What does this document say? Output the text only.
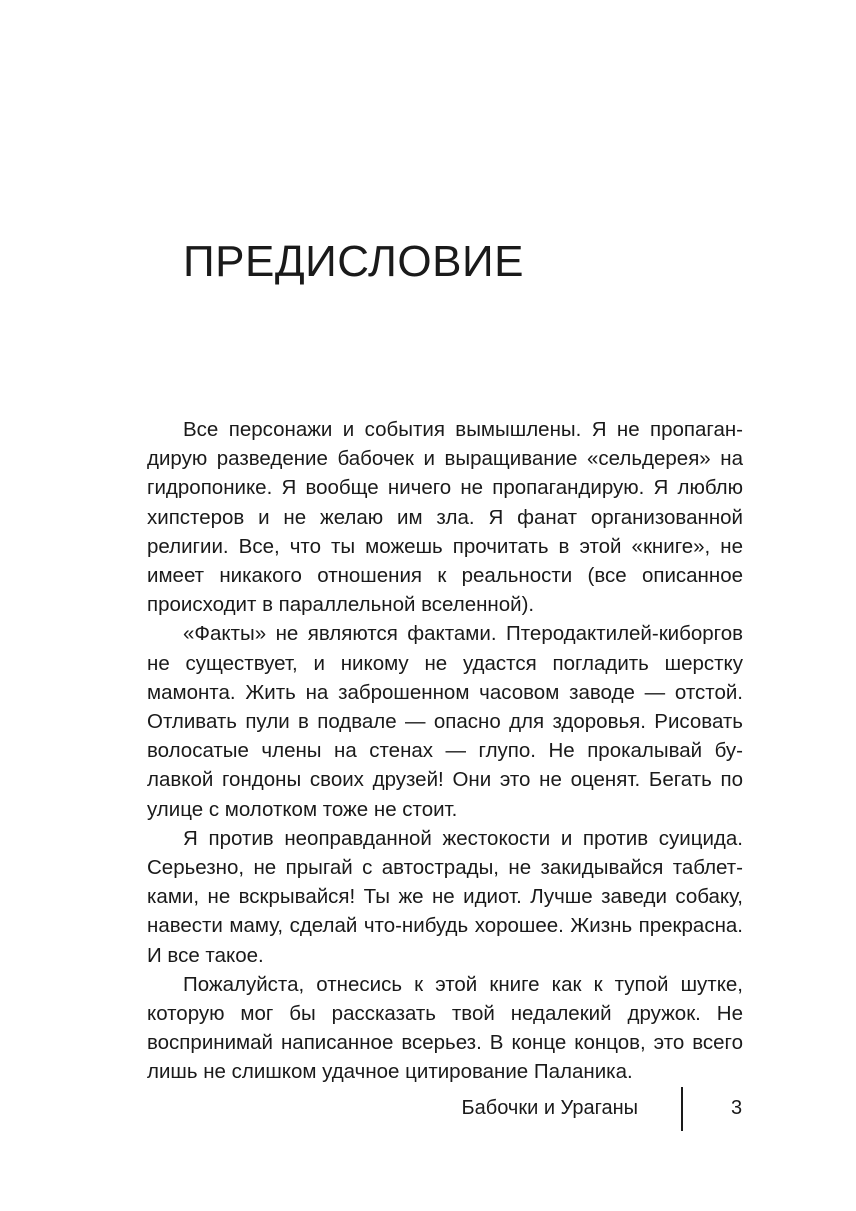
ПРЕДИСЛОВИЕ

Все персонажи и события вымышлены. Я не пропагандирую разведение бабочек и выращивание «сельдерея» на гидропонике. Я вообще ничего не пропагандирую. Я люблю хипстеров и не желаю им зла. Я фанат организованной религии. Все, что ты можешь прочитать в этой «книге», не имеет никакого отношения к реальности (все описанное происходит в параллельной вселенной).

«Факты» не являются фактами. Птеродактилей-киборгов не существует, и никому не удастся погладить шерстку мамонта. Жить на заброшенном часовом заводе — отстой. Отливать пули в подвале — опасно для здоровья. Рисовать волосатые члены на стенах — глупо. Не прокалывай булавкой гондоны своих друзей! Они это не оценят. Бегать по улице с молотком тоже не стоит.

Я против неоправданной жестокости и против суицида. Серьезно, не прыгай с автострады, не закидывайся таблетками, не вскрывайся! Ты же не идиот. Лучше заведи собаку, навести маму, сделай что-нибудь хорошее. Жизнь прекрасна. И все такое.

Пожалуйста, отнесись к этой книге как к тупой шутке, которую мог бы рассказать твой недалекий дружок. Не воспринимай написанное всерьез. В конце концов, это всего лишь не слишком удачное цитирование Паланика.

Бабочки и Ураганы	3
